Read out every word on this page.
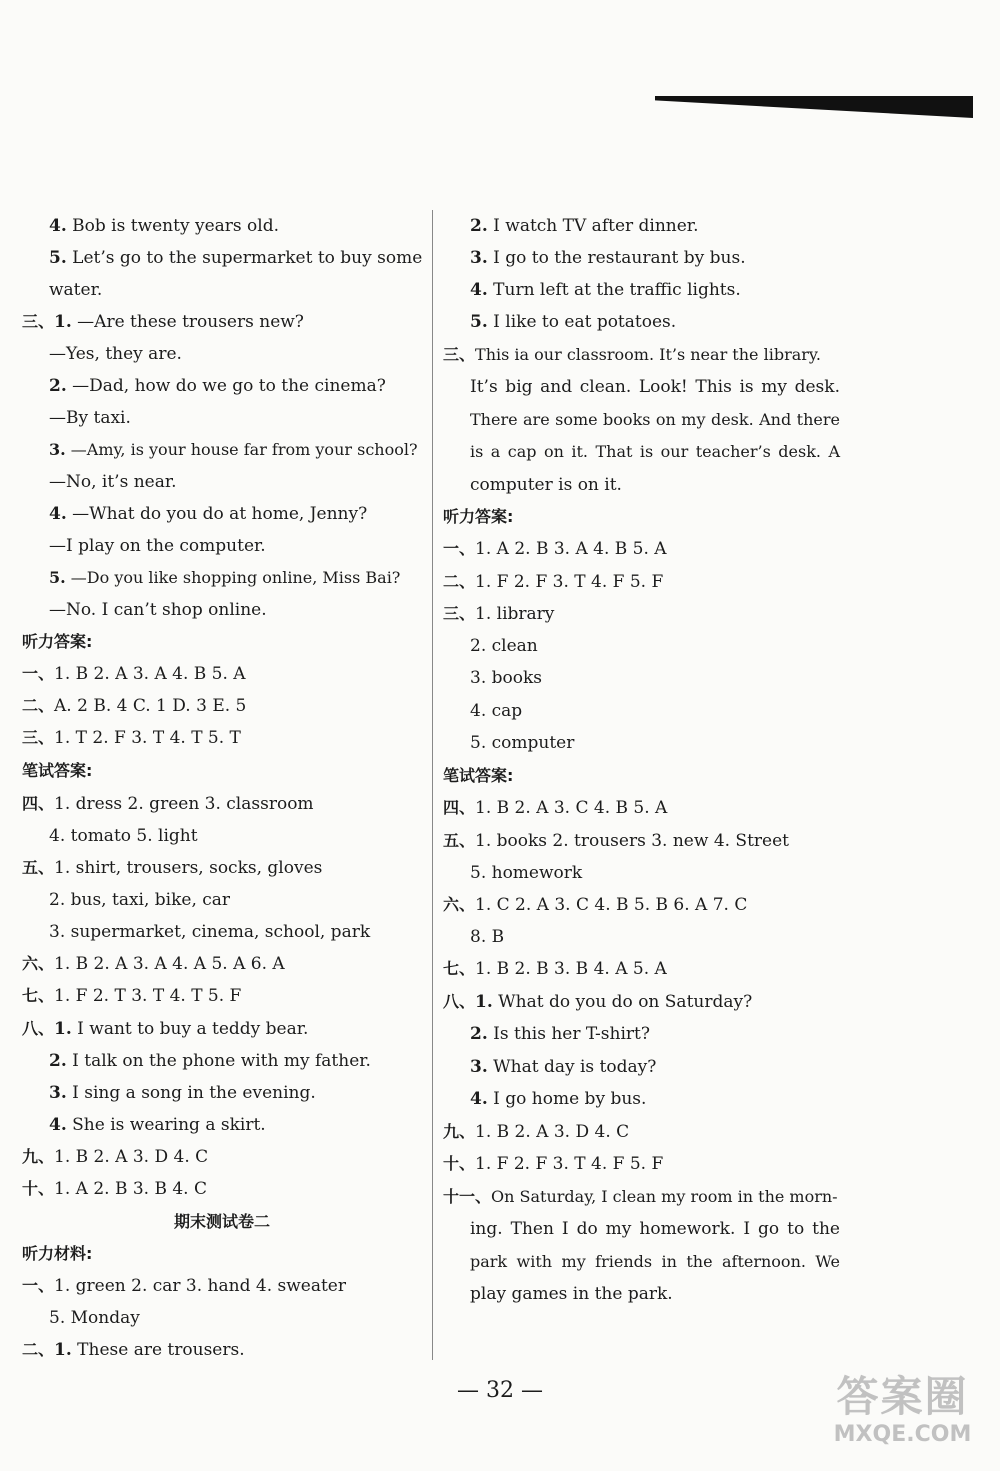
4. Bob is twenty years old.
5. Let’s go to the supermarket to buy some
water.
三、1. —Are these trousers new?
—Yes, they are.
2. —Dad, how do we go to the cinema?
—By taxi.
3. —Amy, is your house far from your school?
—No, it’s near.
4. —What do you do at home, Jenny?
—I play on the computer.
5. —Do you like shopping online, Miss Bai?
—No. I can’t shop online.
听力答案:
一、1. B 2. A 3. A 4. B 5. A
二、A. 2 B. 4 C. 1 D. 3 E. 5
三、1. T 2. F 3. T 4. T 5. T
笔试答案:
四、1. dress 2. green 3. classroom
4. tomato 5. light
五、1. shirt, trousers, socks, gloves
2. bus, taxi, bike, car
3. supermarket, cinema, school, park
六、1. B 2. A 3. A 4. A 5. A 6. A
七、1. F 2. T 3. T 4. T 5. F
八、1. I want to buy a teddy bear.
2. I talk on the phone with my father.
3. I sing a song in the evening.
4. She is wearing a skirt.
九、1. B 2. A 3. D 4. C
十、1. A 2. B 3. B 4. C
期末测试卷二
听力材料:
一、1. green 2. car 3. hand 4. sweater
5. Monday
二、1. These are trousers.
2. I watch TV after dinner.
3. I go to the restaurant by bus.
4. Turn left at the traffic lights.
5. I like to eat potatoes.
三、This ia our classroom. It’s near the library.
It’s big and clean. Look! This is my desk.
There are some books on my desk. And there
is a cap on it. That is our teacher’s desk. A
computer is on it.
听力答案:
一、1. A 2. B 3. A 4. B 5. A
二、1. F 2. F 3. T 4. F 5. F
三、1. library
2. clean
3. books
4. cap
5. computer
笔试答案:
四、1. B 2. A 3. C 4. B 5. A
五、1. books 2. trousers 3. new 4. Street
5. homework
六、1. C 2. A 3. C 4. B 5. B 6. A 7. C
8. B
七、1. B 2. B 3. B 4. A 5. A
八、1. What do you do on Saturday?
2. Is this her T-shirt?
3. What day is today?
4. I go home by bus.
九、1. B 2. A 3. D 4. C
十、1. F 2. F 3. T 4. F 5. F
十一、On Saturday, I clean my room in the morn-
ing. Then I do my homework. I go to the
park with my friends in the afternoon. We
play games in the park.
— 32 —	答案圈
MXQE.COM
